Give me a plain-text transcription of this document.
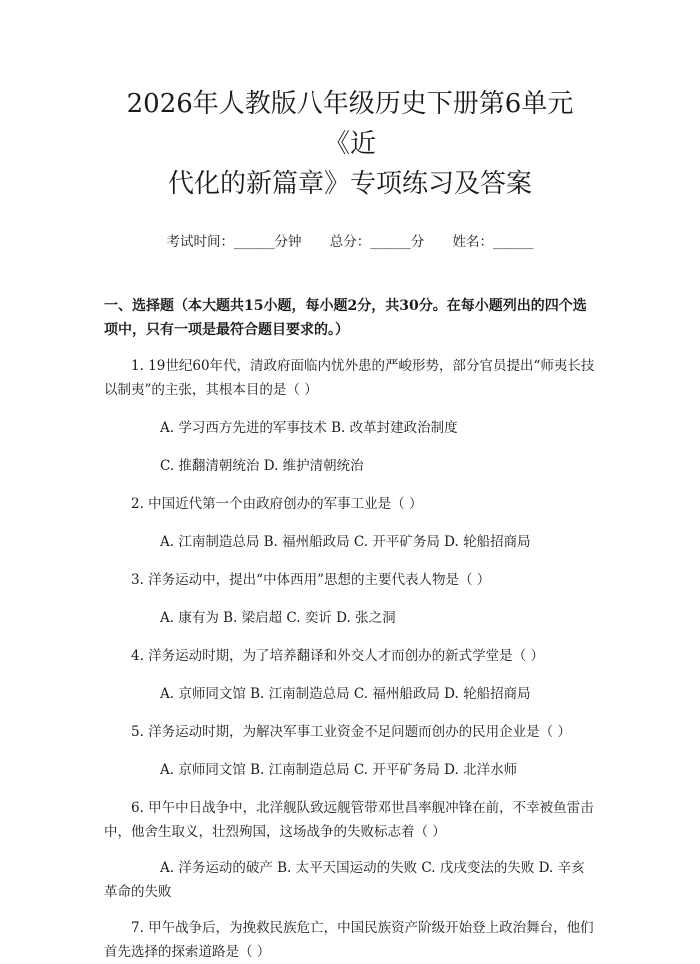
2026年人教版八年级历史下册第6单元《近
代化的新篇章》专项练习及答案
考试时间：______分钟 总分：______分 姓名：______
一、选择题（本大题共15小题，每小题2分，共30分。在每小题列出的四个选项中，只有一项是最符合题目要求的。）
1. 19世纪60年代，清政府面临内忧外患的严峻形势，部分官员提出“师夷长技以制夷”的主张，其根本目的是（ ）
A. 学习西方先进的军事技术 B. 改革封建政治制度
C. 推翻清朝统治 D. 维护清朝统治
2. 中国近代第一个由政府创办的军事工业是（ ）
A. 江南制造总局 B. 福州船政局 C. 开平矿务局 D. 轮船招商局
3. 洋务运动中，提出“中体西用”思想的主要代表人物是（ ）
A. 康有为 B. 梁启超 C. 奕䜣 D. 张之洞
4. 洋务运动时期，为了培养翻译和外交人才而创办的新式学堂是（ ）
A. 京师同文馆 B. 江南制造总局 C. 福州船政局 D. 轮船招商局
5. 洋务运动时期，为解决军事工业资金不足问题而创办的民用企业是（ ）
A. 京师同文馆 B. 江南制造总局 C. 开平矿务局 D. 北洋水师
6. 甲午中日战争中，北洋舰队致远舰管带邓世昌率舰冲锋在前，不幸被鱼雷击中，他舍生取义，壮烈殉国，这场战争的失败标志着（ ）
A. 洋务运动的破产 B. 太平天国运动的失败 C. 戊戌变法的失败 D. 辛亥革命的失败
7. 甲午战争后，为挽救民族危亡，中国民族资产阶级开始登上政治舞台，他们首先选择的探索道路是（ ）
